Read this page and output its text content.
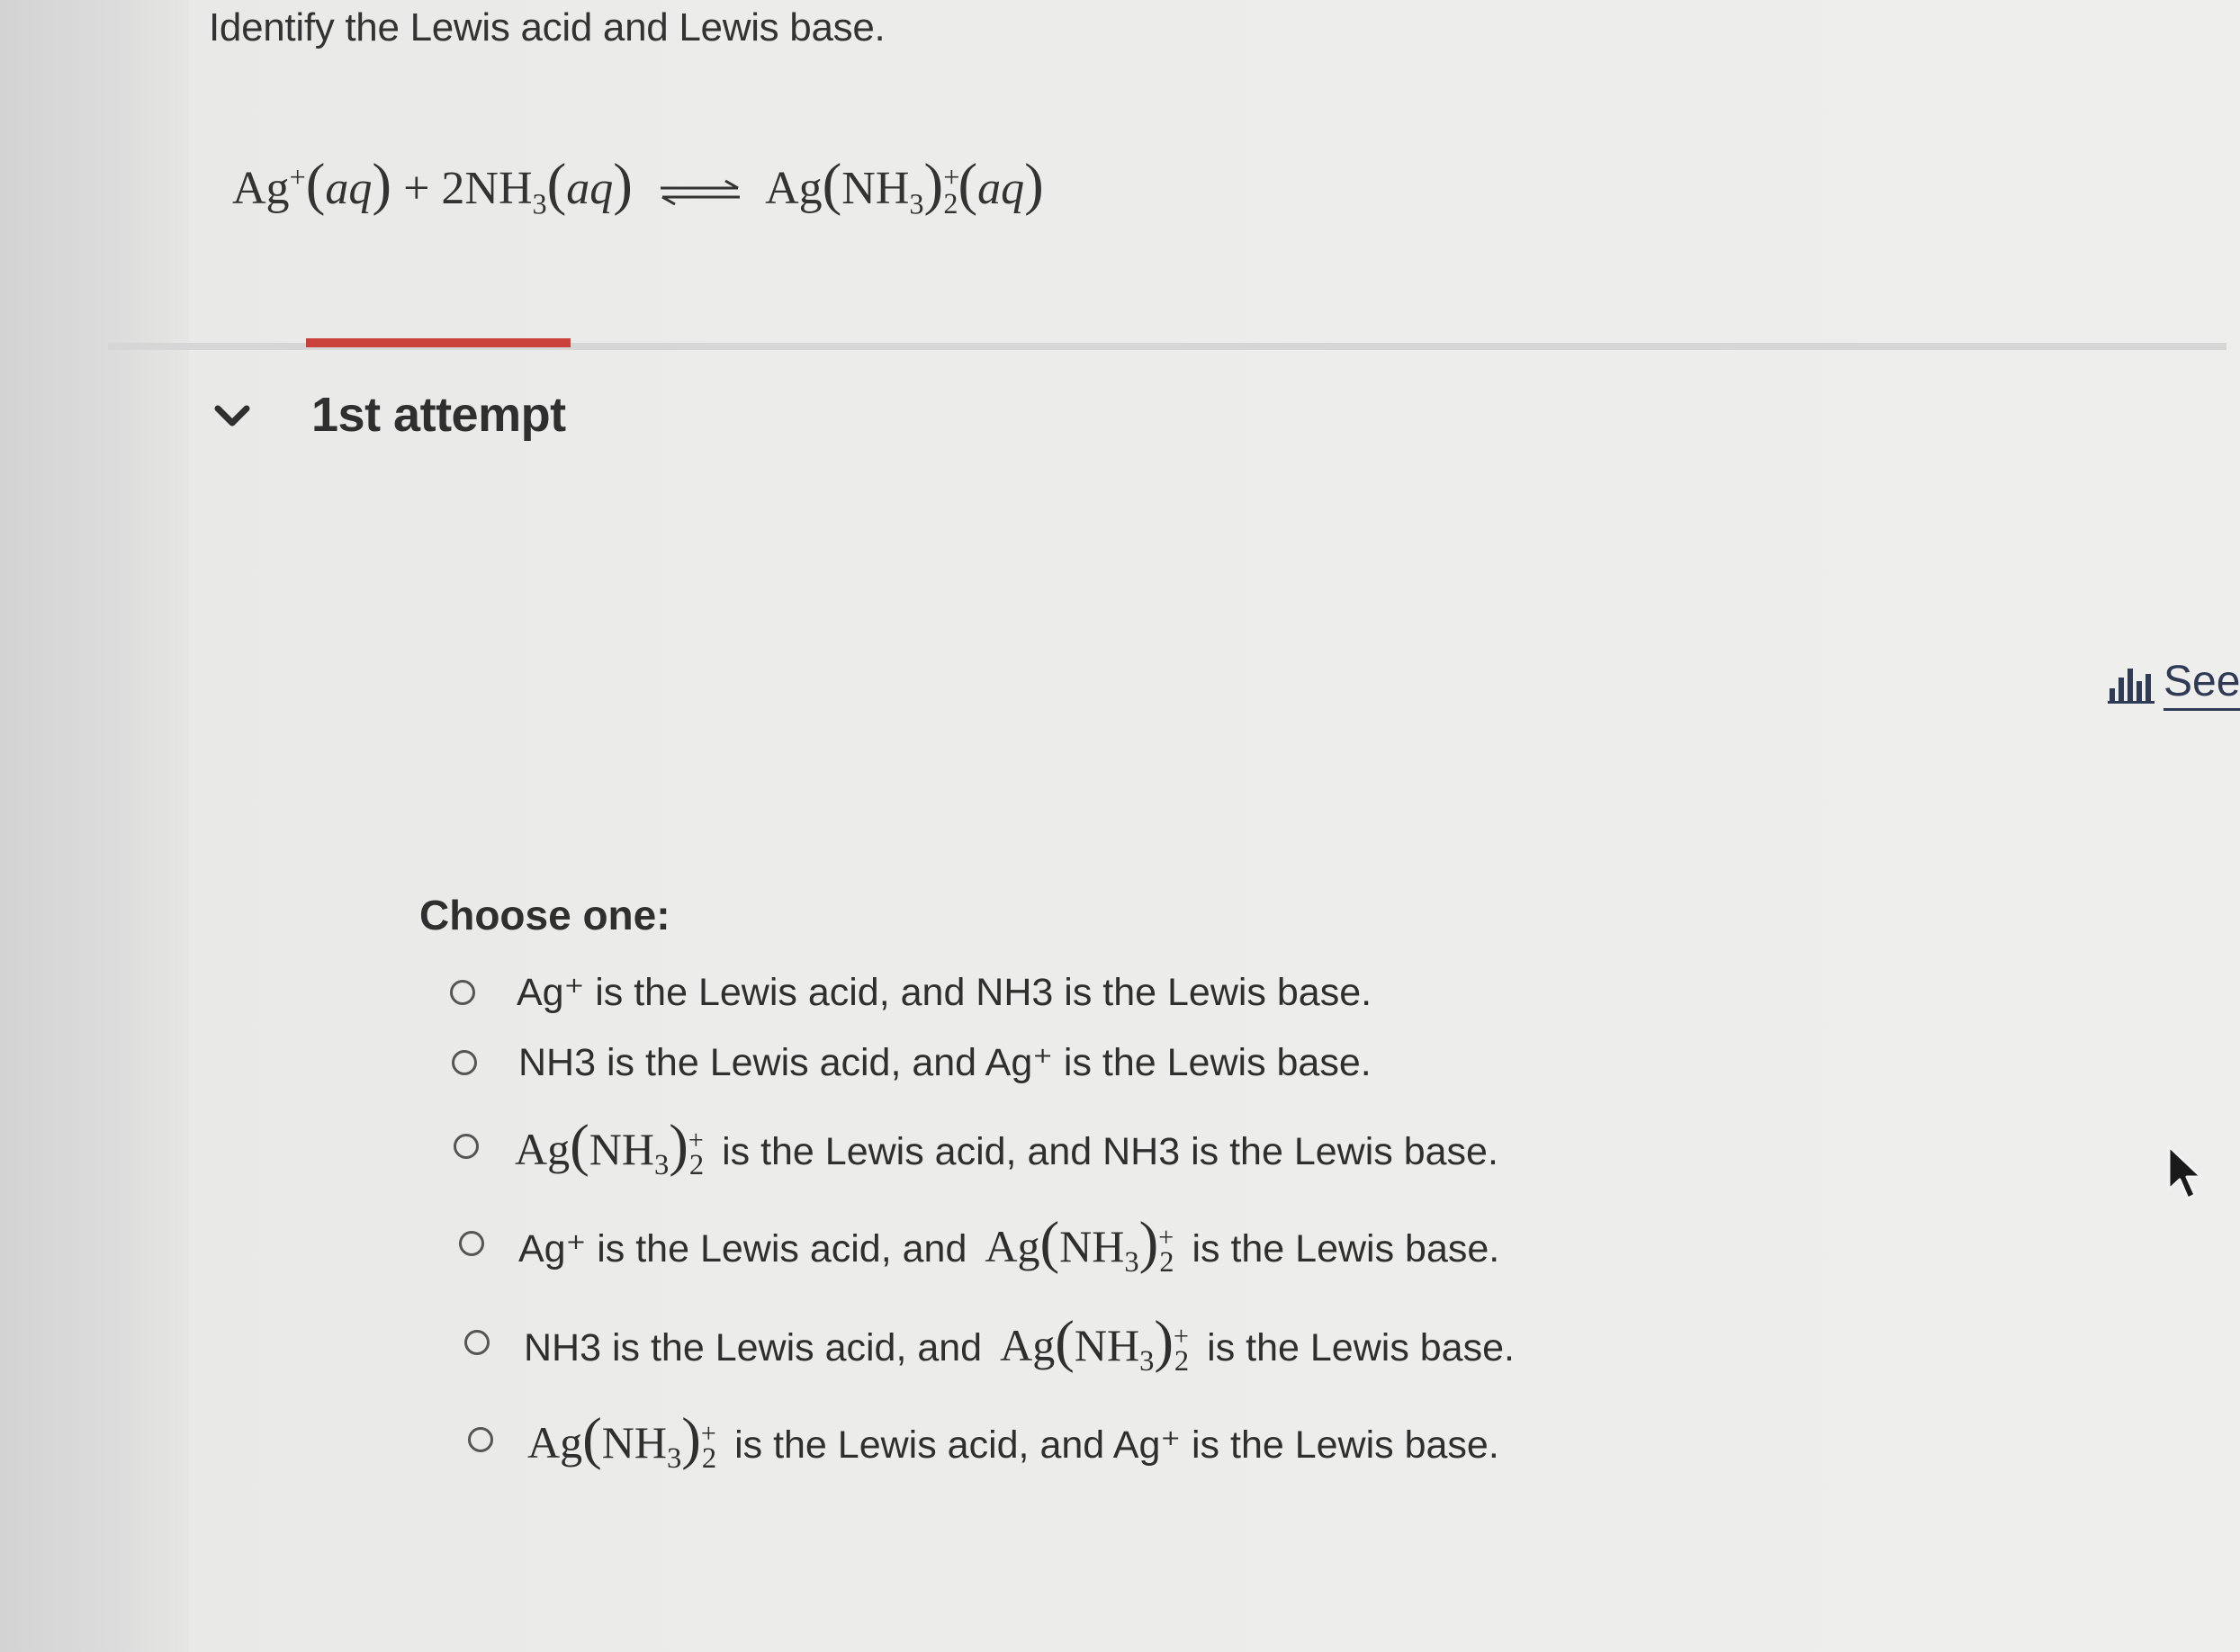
Identify the Lewis acid and Lewis base.
$Ag^+(aq) + 2NH_3(aq)$ ⇌ $Ag(NH_3)^+_2(aq)$
1st attempt
See
Choose one:
Ag⁺ is the Lewis acid, and NH3 is the Lewis base.
NH3 is the Lewis acid, and Ag⁺ is the Lewis base.
$Ag(NH_3)^+_2$ is the Lewis acid, and NH3 is the Lewis base.
Ag⁺ is the Lewis acid, and $Ag(NH_3)^+_2$ is the Lewis base.
NH3 is the Lewis acid, and $Ag(NH_3)^+_2$ is the Lewis base.
$Ag(NH_3)^+_2$ is the Lewis acid, and Ag⁺ is the Lewis base.
